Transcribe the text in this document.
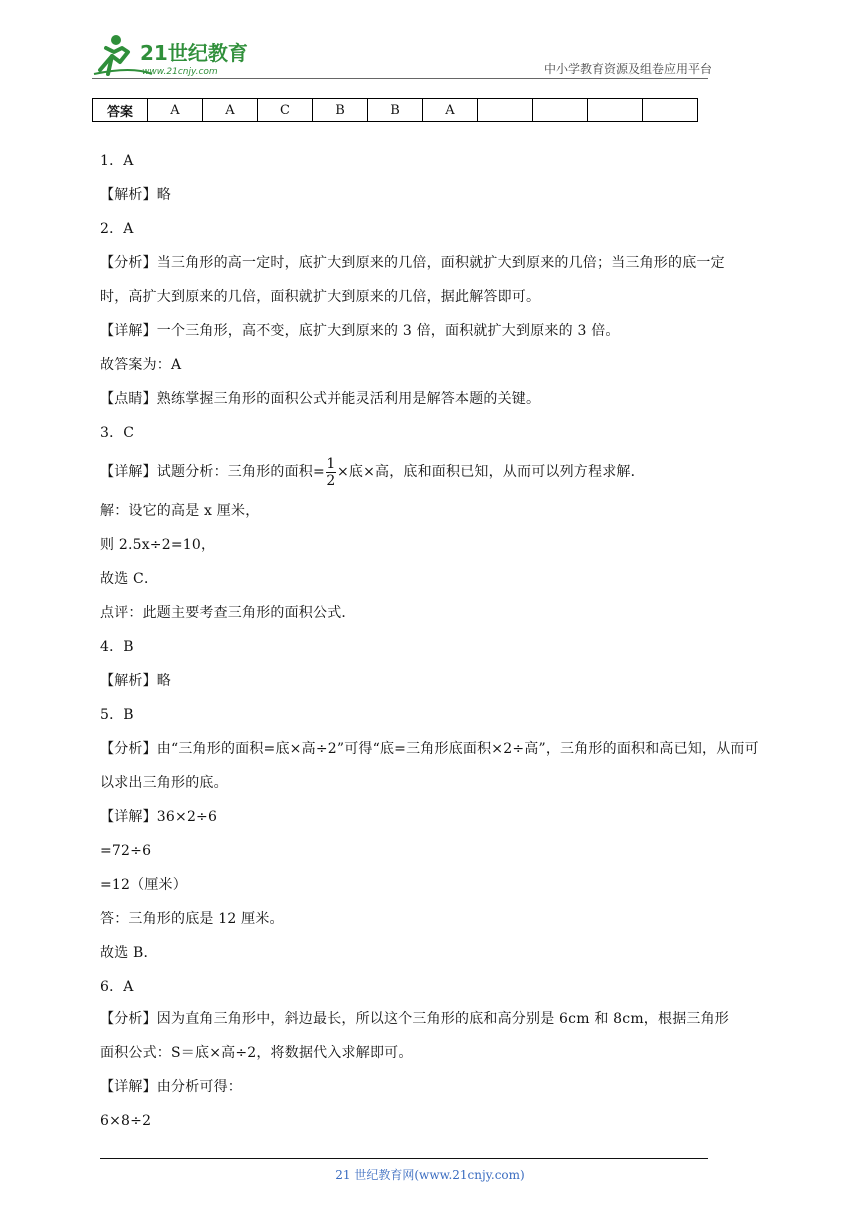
21世纪教育
www.21cnjy.com	中小学教育资源及组卷应用平台
答案	A	A	C	B	B	A				
1．A
【解析】略
2．A
【分析】当三角形的高一定时，底扩大到原来的几倍，面积就扩大到原来的几倍；当三角形的底一定
时，高扩大到原来的几倍，面积就扩大到原来的几倍，据此解答即可。
【详解】一个三角形，高不变，底扩大到原来的 3 倍，面积就扩大到原来的 3 倍。
故答案为：A
【点睛】熟练掌握三角形的面积公式并能灵活利用是解答本题的关键。
3．C
【详解】试题分析：三角形的面积= $\frac{1}{2}$ ×底×高，底和面积已知，从而可以列方程求解．
解：设它的高是 x 厘米，
则 2.5x÷2=10，
故选 C．
点评：此题主要考查三角形的面积公式．
4．B
【解析】略
5．B
【分析】由“三角形的面积=底×高÷2”可得“底=三角形底面积×2÷高”，三角形的面积和高已知，从而可
以求出三角形的底。
【详解】36×2÷6
=72÷6
=12（厘米）
答：三角形的底是 12 厘米。
故选 B．
6．A
【分析】因为直角三角形中，斜边最长，所以这个三角形的底和高分别是 6cm 和 8cm，根据三角形
面积公式：S＝底×高÷2，将数据代入求解即可。
【详解】由分析可得：
6×8÷2
21 世纪教育网(www.21cnjy.com)
